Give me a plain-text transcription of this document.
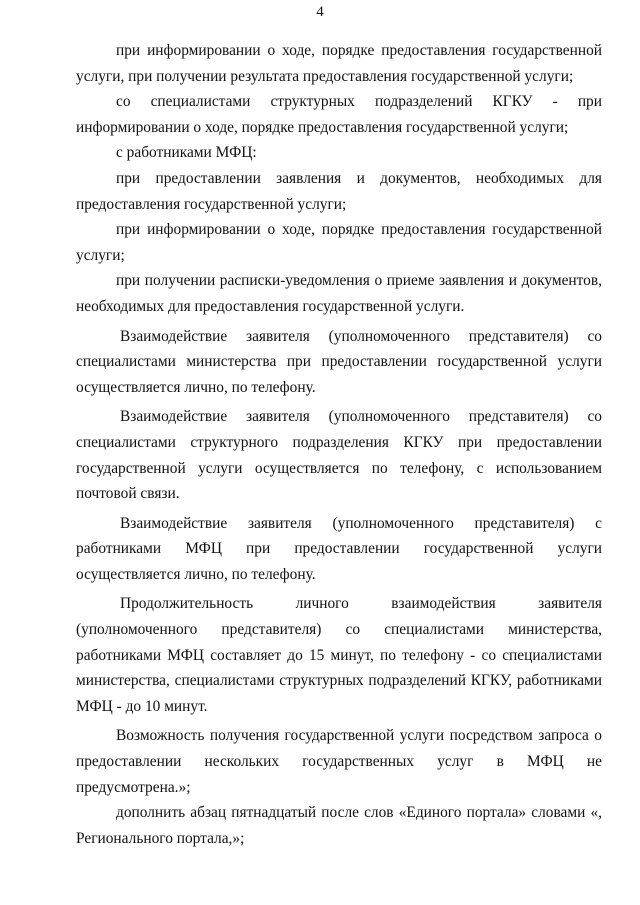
4

при информировании о ходе, порядке предоставления государственной услуги, при получении результата предоставления государственной услуги;

со специалистами структурных подразделений КГКУ - при информировании о ходе, порядке предоставления государственной услуги;

с работниками МФЦ:

при предоставлении заявления и документов, необходимых для предоставления государственной услуги;

при информировании о ходе, порядке предоставления государственной услуги;

при получении расписки-уведомления о приеме заявления и документов, необходимых для предоставления государственной услуги.

Взаимодействие заявителя (уполномоченного представителя) со специалистами министерства при предоставлении государственной услуги осуществляется лично, по телефону.

Взаимодействие заявителя (уполномоченного представителя) со специалистами структурного подразделения КГКУ при предоставлении государственной услуги осуществляется по телефону, с использованием почтовой связи.

Взаимодействие заявителя (уполномоченного представителя) с работниками МФЦ при предоставлении государственной услуги осуществляется лично, по телефону.

Продолжительность личного взаимодействия заявителя (уполномоченного представителя) со специалистами министерства, работниками МФЦ составляет до 15 минут, по телефону - со специалистами министерства, специалистами структурных подразделений КГКУ, работниками МФЦ - до 10 минут.

Возможность получения государственной услуги посредством запроса о предоставлении нескольких государственных услуг в МФЦ не предусмотрена.»;

дополнить абзац пятнадцатый после слов «Единого портала» словами «, Регионального портала,»;
